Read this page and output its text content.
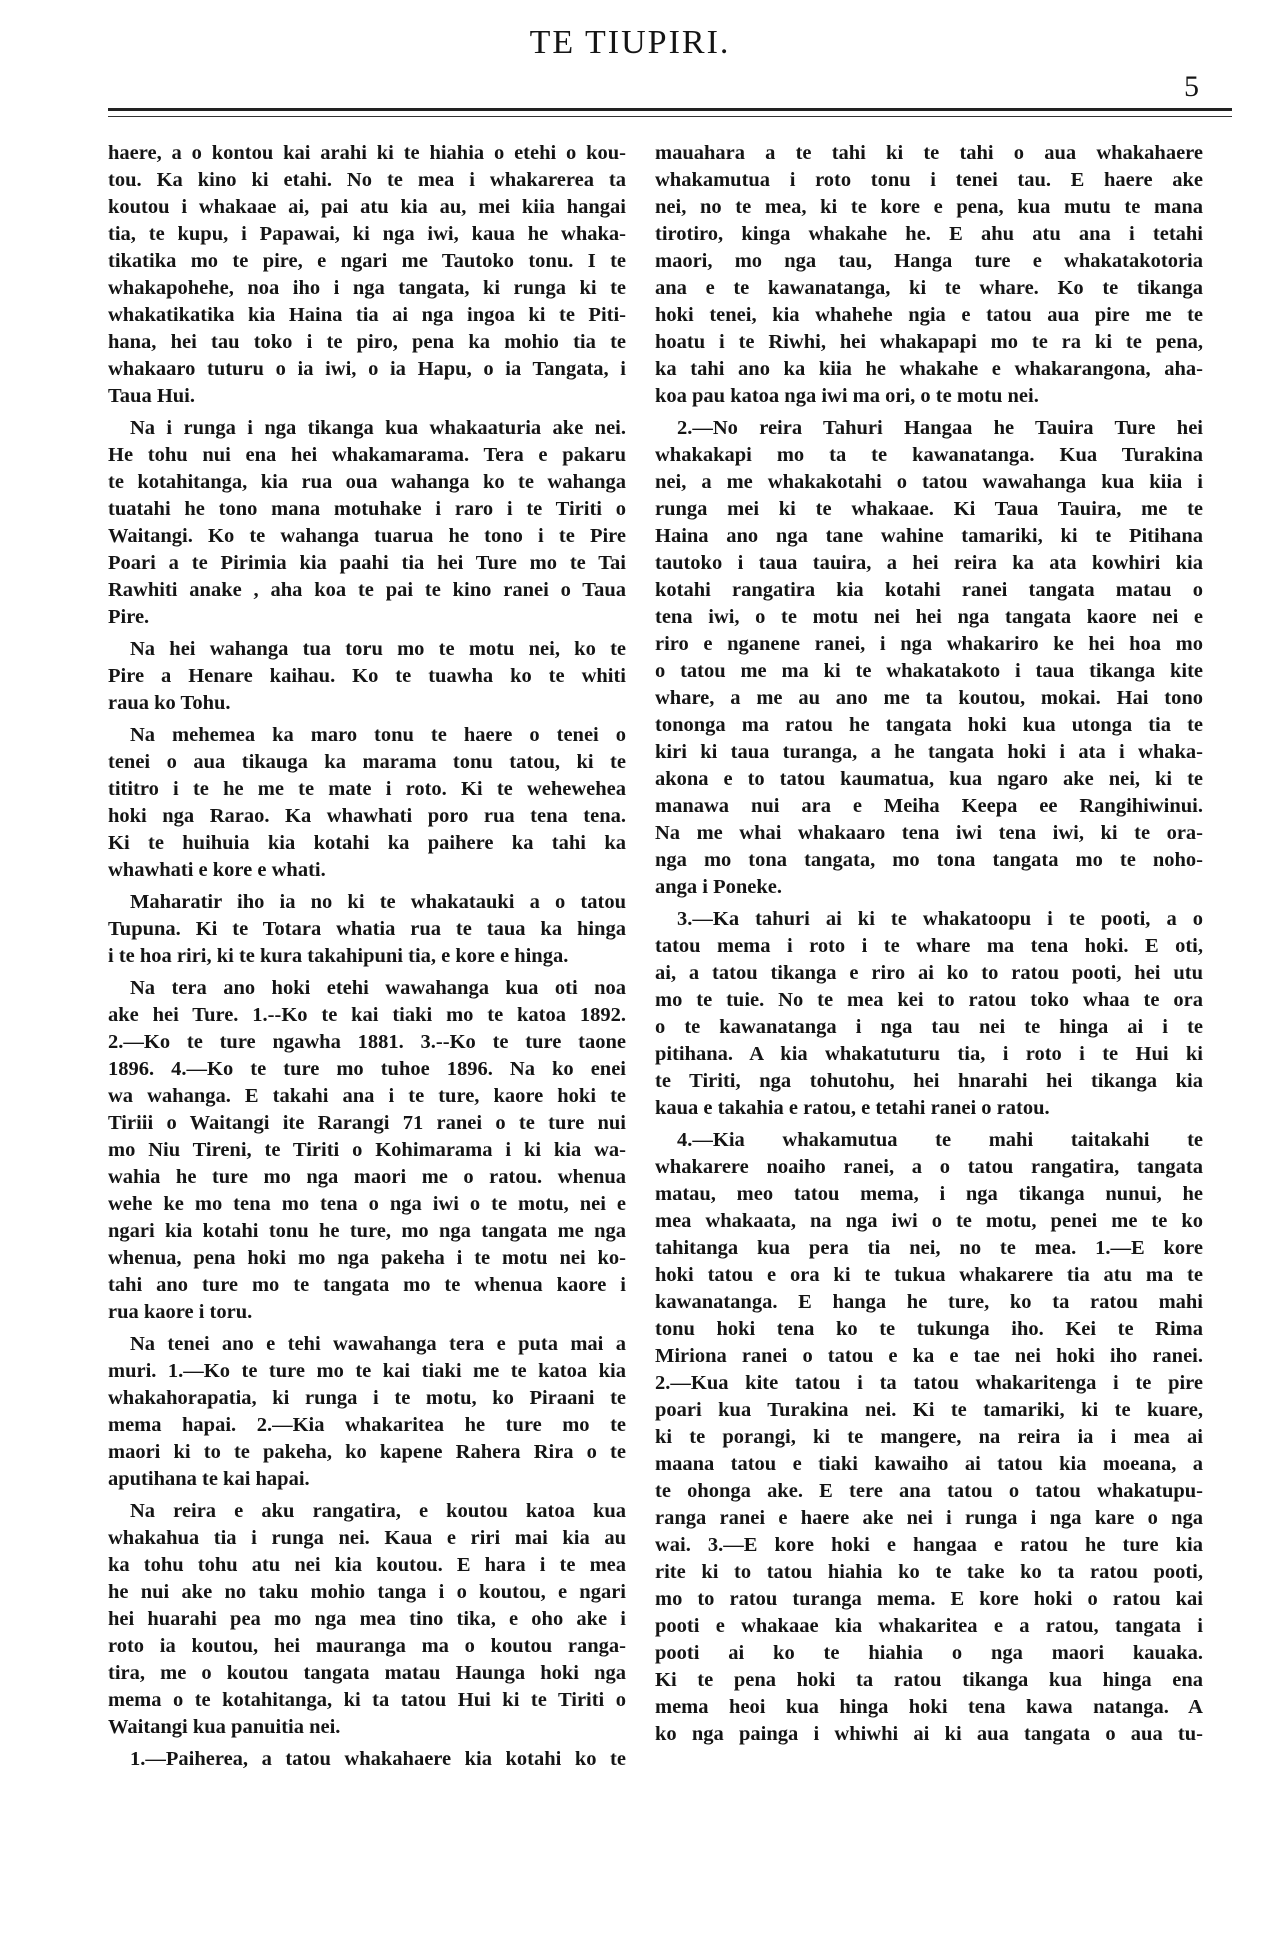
TE TIUPIRI.
5
haere, a o kontou kai arahi ki te hiahia o etehi o kou-
tou. Ka kino ki etahi. No te mea i whakarerea ta
koutou i whakaae ai, pai atu kia au, mei kiia hangai
tia, te kupu, i Papawai, ki nga iwi, kaua he whaka-
tikatika mo te pire, e ngari me Tautoko tonu. I te
whakapohehe, noa iho i nga tangata, ki runga ki te
whakatikatika kia Haina tia ai nga ingoa ki te Piti-
hana, hei tau toko i te piro, pena ka mohio tia te
whakaaro tuturu o ia iwi, o ia Hapu, o ia Tangata, i
Taua Hui.
Na i runga i nga tikanga kua whakaaturia ake nei.
He tohu nui ena hei whakamarama. Tera e pakaru
te kotahitanga, kia rua oua wahanga ko te wahanga
tuatahi he tono mana motuhake i raro i te Tiriti o
Waitangi. Ko te wahanga tuarua he tono i te Pire
Poari a te Pirimia kia paahi tia hei Ture mo te Tai
Rawhiti anake , aha koa te pai te kino ranei o Taua
Pire.
Na hei wahanga tua toru mo te motu nei, ko te
Pire a Henare kaihau. Ko te tuawha ko te whiti
raua ko Tohu.
Na mehemea ka maro tonu te haere o tenei o
tenei o aua tikauga ka marama tonu tatou, ki te
tititro i te he me te mate i roto. Ki te wehewehea
hoki nga Rarao. Ka whawhati poro rua tena tena.
Ki te huihuia kia kotahi ka paihere ka tahi ka
whawhati e kore e whati.
Maharatir iho ia no ki te whakatauki a o tatou
Tupuna. Ki te Totara whatia rua te taua ka hinga
i te hoa riri, ki te kura takahipuni tia, e kore e hinga.
Na tera ano hoki etehi wawahanga kua oti noa
ake hei Ture. 1.--Ko te kai tiaki mo te katoa 1892.
2.—Ko te ture ngawha 1881. 3.--Ko te ture taone
1896. 4.—Ko te ture mo tuhoe 1896. Na ko enei
wa wahanga. E takahi ana i te ture, kaore hoki te
Tiriii o Waitangi ite Rarangi 71 ranei o te ture nui
mo Niu Tireni, te Tiriti o Kohimarama i ki kia wa-
wahia he ture mo nga maori me o ratou. whenua
wehe ke mo tena mo tena o nga iwi o te motu, nei e
ngari kia kotahi tonu he ture, mo nga tangata me nga
whenua, pena hoki mo nga pakeha i te motu nei ko-
tahi ano ture mo te tangata mo te whenua kaore i
rua kaore i toru.
Na tenei ano e tehi wawahanga tera e puta mai a
muri. 1.—Ko te ture mo te kai tiaki me te katoa kia
whakahorapatia, ki runga i te motu, ko Piraani te
mema hapai. 2.—Kia whakaritea he ture mo te
maori ki to te pakeha, ko kapene Rahera Rira o te
aputihana te kai hapai.
Na reira e aku rangatira, e koutou katoa kua
whakahua tia i runga nei. Kaua e riri mai kia au
ka tohu tohu atu nei kia koutou. E hara i te mea
he nui ake no taku mohio tanga i o koutou, e ngari
hei huarahi pea mo nga mea tino tika, e oho ake i
roto ia koutou, hei mauranga ma o koutou ranga-
tira, me o koutou tangata matau Haunga hoki nga
mema o te kotahitanga, ki ta tatou Hui ki te Tiriti o
Waitangi kua panuitia nei.
1.—Paiherea, a tatou whakahaere kia kotahi ko te
mauahara a te tahi ki te tahi o aua whakahaere
whakamutua i roto tonu i tenei tau. E haere ake
nei, no te mea, ki te kore e pena, kua mutu te mana
tirotiro, kinga whakahe he. E ahu atu ana i tetahi
maori, mo nga tau, Hanga ture e whakatakotoria
ana e te kawanatanga, ki te whare. Ko te tikanga
hoki tenei, kia whahehe ngia e tatou aua pire me te
hoatu i te Riwhi, hei whakapapi mo te ra ki te pena,
ka tahi ano ka kiia he whakahe e whakarangona, aha-
koa pau katoa nga iwi ma ori, o te motu nei.
2.—No reira Tahuri Hangaa he Tauira Ture hei
whakakapi mo ta te kawanatanga. Kua Turakina
nei, a me whakakotahi o tatou wawahanga kua kiia i
runga mei ki te whakaae. Ki Taua Tauira, me te
Haina ano nga tane wahine tamariki, ki te Pitihana
tautoko i taua tauira, a hei reira ka ata kowhiri kia
kotahi rangatira kia kotahi ranei tangata matau o
tena iwi, o te motu nei hei nga tangata kaore nei e
riro e nganene ranei, i nga whakariro ke hei hoa mo
o tatou me ma ki te whakatakoto i taua tikanga kite
whare, a me au ano me ta koutou, mokai. Hai tono
tononga ma ratou he tangata hoki kua utonga tia te
kiri ki taua turanga, a he tangata hoki i ata i whaka-
akona e to tatou kaumatua, kua ngaro ake nei, ki te
manawa nui ara e Meiha Keepa ee Rangihiwinui.
Na me whai whakaaro tena iwi tena iwi, ki te ora-
nga mo tona tangata, mo tona tangata mo te noho-
anga i Poneke.
3.—Ka tahuri ai ki te whakatoopu i te pooti, a o
tatou mema i roto i te whare ma tena hoki. E oti,
ai, a tatou tikanga e riro ai ko to ratou pooti, hei utu
mo te tuie. No te mea kei to ratou toko whaa te ora
o te kawanatanga i nga tau nei te hinga ai i te
pitihana. A kia whakatuturu tia, i roto i te Hui ki
te Tiriti, nga tohutohu, hei hnarahi hei tikanga kia
kaua e takahia e ratou, e tetahi ranei o ratou.
4.—Kia whakamutua te mahi taitakahi te
whakarere noaiho ranei, a o tatou rangatira, tangata
matau, meo tatou mema, i nga tikanga nunui, he
mea whakaata, na nga iwi o te motu, penei me te ko
tahitanga kua pera tia nei, no te mea. 1.—E kore
hoki tatou e ora ki te tukua whakarere tia atu ma te
kawanatanga. E hanga he ture, ko ta ratou mahi
tonu hoki tena ko te tukunga iho. Kei te Rima
Miriona ranei o tatou e ka e tae nei hoki iho ranei.
2.—Kua kite tatou i ta tatou whakaritenga i te pire
poari kua Turakina nei. Ki te tamariki, ki te kuare,
ki te porangi, ki te mangere, na reira ia i mea ai
maana tatou e tiaki kawaiho ai tatou kia moeana, a
te ohonga ake. E tere ana tatou o tatou whakatupu-
ranga ranei e haere ake nei i runga i nga kare o nga
wai. 3.—E kore hoki e hangaa e ratou he ture kia
rite ki to tatou hiahia ko te take ko ta ratou pooti,
mo to ratou turanga mema. E kore hoki o ratou kai
pooti e whakaae kia whakaritea e a ratou, tangata i
pooti ai ko te hiahia o nga maori kauaka.
Ki te pena hoki ta ratou tikanga kua hinga ena
mema heoi kua hinga hoki tena kawa natanga. A
ko nga painga i whiwhi ai ki aua tangata o aua tu-
